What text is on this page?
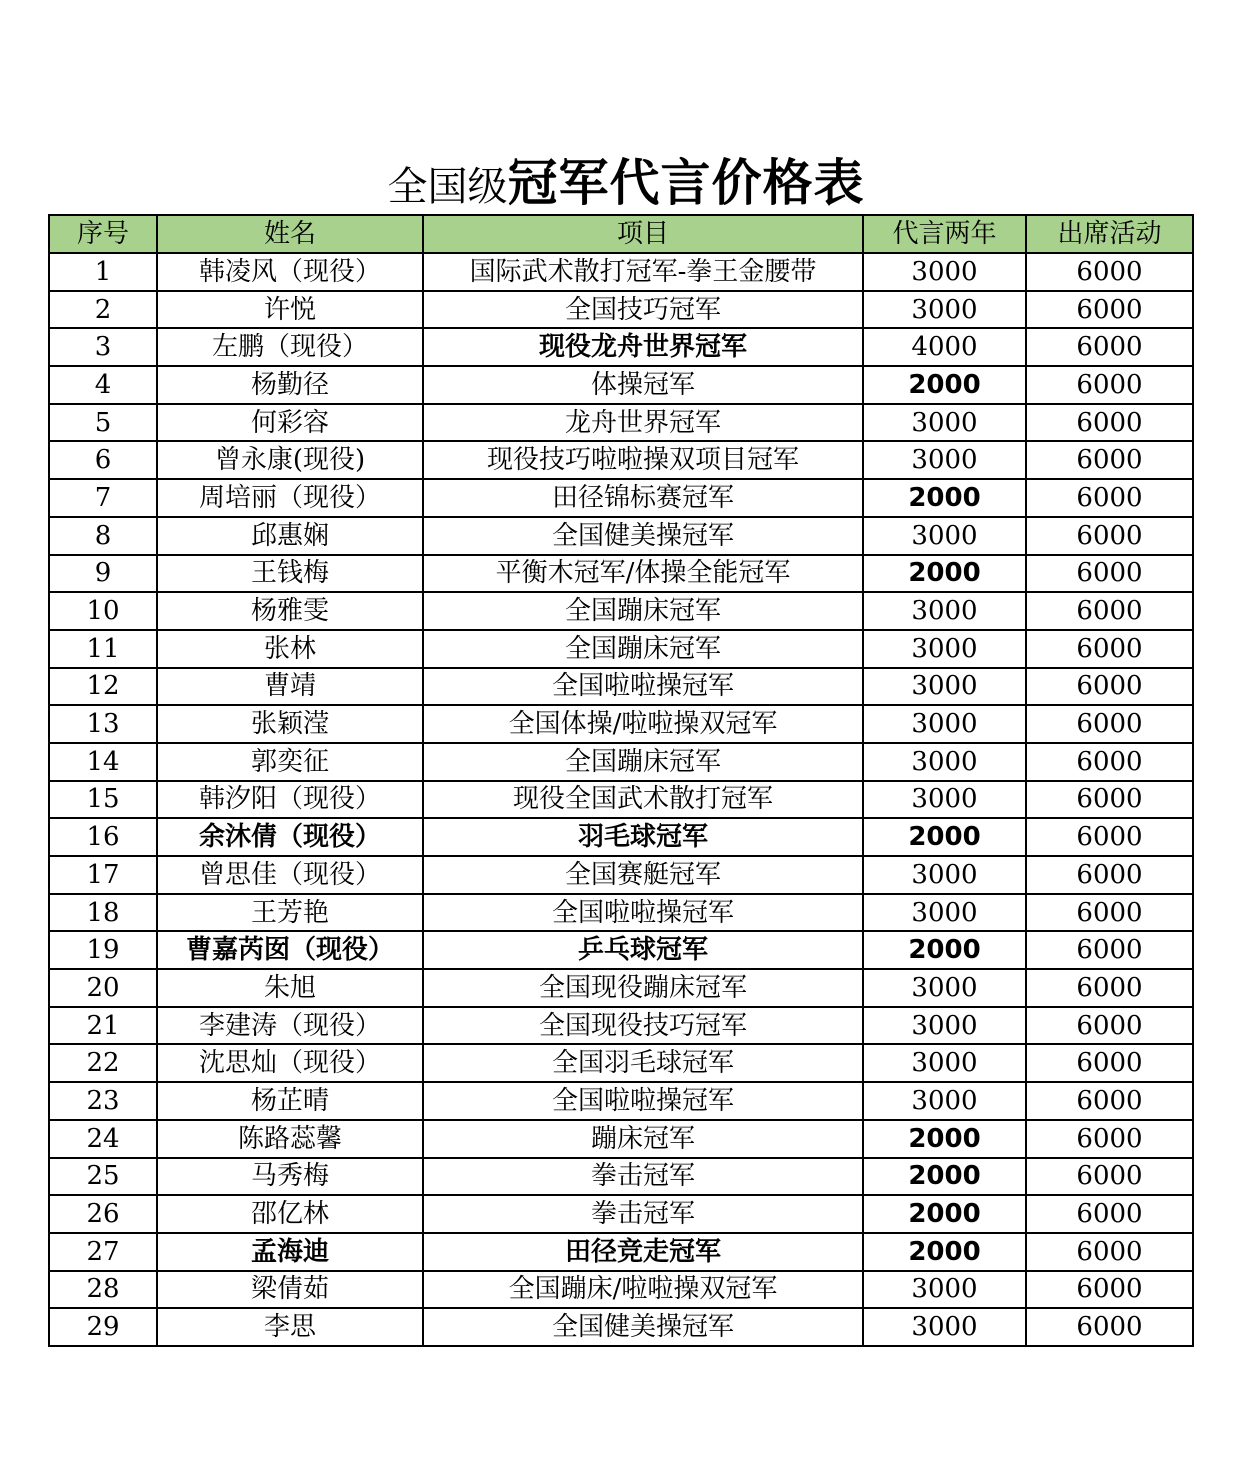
全国级冠军代言价格表
序号	姓名	项目	代言两年	出席活动
1	韩凌风（现役）	国际武术散打冠军-拳王金腰带	3000	6000
2	许悦	全国技巧冠军	3000	6000
3	左鹏（现役）	现役龙舟世界冠军	4000	6000
4	杨勤径	体操冠军	2000	6000
5	何彩容	龙舟世界冠军	3000	6000
6	曾永康(现役)	现役技巧啦啦操双项目冠军	3000	6000
7	周培丽（现役）	田径锦标赛冠军	2000	6000
8	邱惠娴	全国健美操冠军	3000	6000
9	王钱梅	平衡木冠军/体操全能冠军	2000	6000
10	杨雅雯	全国蹦床冠军	3000	6000
11	张林	全国蹦床冠军	3000	6000
12	曹靖	全国啦啦操冠军	3000	6000
13	张颖滢	全国体操/啦啦操双冠军	3000	6000
14	郭奕征	全国蹦床冠军	3000	6000
15	韩汐阳（现役）	现役全国武术散打冠军	3000	6000
16	余沐倩（现役）	羽毛球冠军	2000	6000
17	曾思佳（现役）	全国赛艇冠军	3000	6000
18	王芳艳	全国啦啦操冠军	3000	6000
19	曹嘉芮囡（现役）	乒乓球冠军	2000	6000
20	朱旭	全国现役蹦床冠军	3000	6000
21	李建涛（现役）	全国现役技巧冠军	3000	6000
22	沈思灿（现役）	全国羽毛球冠军	3000	6000
23	杨芷晴	全国啦啦操冠军	3000	6000
24	陈路蕊馨	蹦床冠军	2000	6000
25	马秀梅	拳击冠军	2000	6000
26	邵亿林	拳击冠军	2000	6000
27	孟海迪	田径竞走冠军	2000	6000
28	梁倩茹	全国蹦床/啦啦操双冠军	3000	6000
29	李思	全国健美操冠军	3000	6000
